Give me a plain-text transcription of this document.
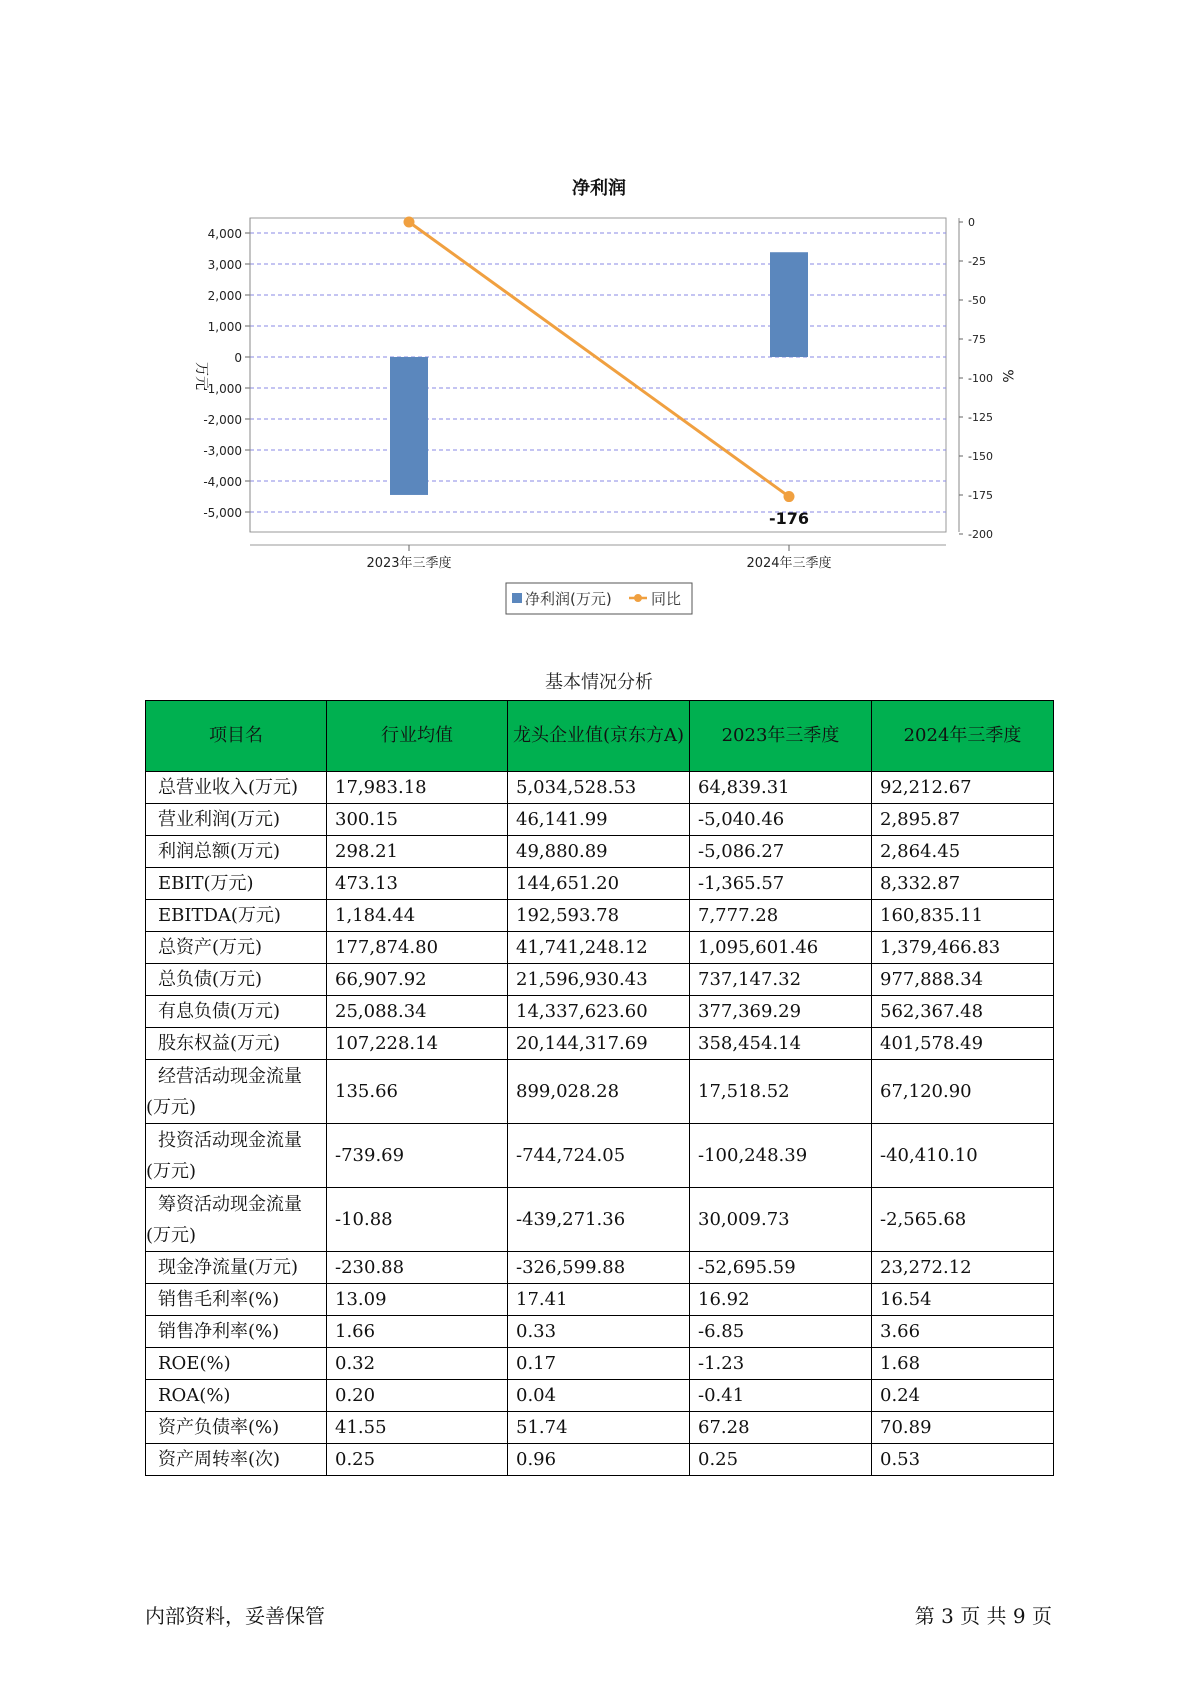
净利润
4,000
3,000
2,000
1,000
0
-1,000
-2,000
-3,000
-4,000
-5,000
0
-25
-50
-75
-100
-125
-150
-175
-200
2023年三季度	2024年三季度
万元	%
-176
净利润(万元)	同比
基本情况分析
项目名	行业均值	龙头企业值(京东方A)	2023年三季度	2024年三季度
总营业收入(万元)	17,983.18	5,034,528.53	64,839.31	92,212.67
营业利润(万元)	300.15	46,141.99	-5,040.46	2,895.87
利润总额(万元)	298.21	49,880.89	-5,086.27	2,864.45
EBIT(万元)	473.13	144,651.20	-1,365.57	8,332.87
EBITDA(万元)	1,184.44	192,593.78	7,777.28	160,835.11
总资产(万元)	177,874.80	41,741,248.12	1,095,601.46	1,379,466.83
总负债(万元)	66,907.92	21,596,930.43	737,147.32	977,888.34
有息负债(万元)	25,088.34	14,337,623.60	377,369.29	562,367.48
股东权益(万元)	107,228.14	20,144,317.69	358,454.14	401,578.49
经营活动现金流量(万元)	135.66	899,028.28	17,518.52	67,120.90
投资活动现金流量(万元)	-739.69	-744,724.05	-100,248.39	-40,410.10
筹资活动现金流量(万元)	-10.88	-439,271.36	30,009.73	-2,565.68
现金净流量(万元)	-230.88	-326,599.88	-52,695.59	23,272.12
销售毛利率(%)	13.09	17.41	16.92	16.54
销售净利率(%)	1.66	0.33	-6.85	3.66
ROE(%)	0.32	0.17	-1.23	1.68
ROA(%)	0.20	0.04	-0.41	0.24
资产负债率(%)	41.55	51.74	67.28	70.89
资产周转率(次)	0.25	0.96	0.25	0.53
内部资料，妥善保管	第 3 页 共 9 页
